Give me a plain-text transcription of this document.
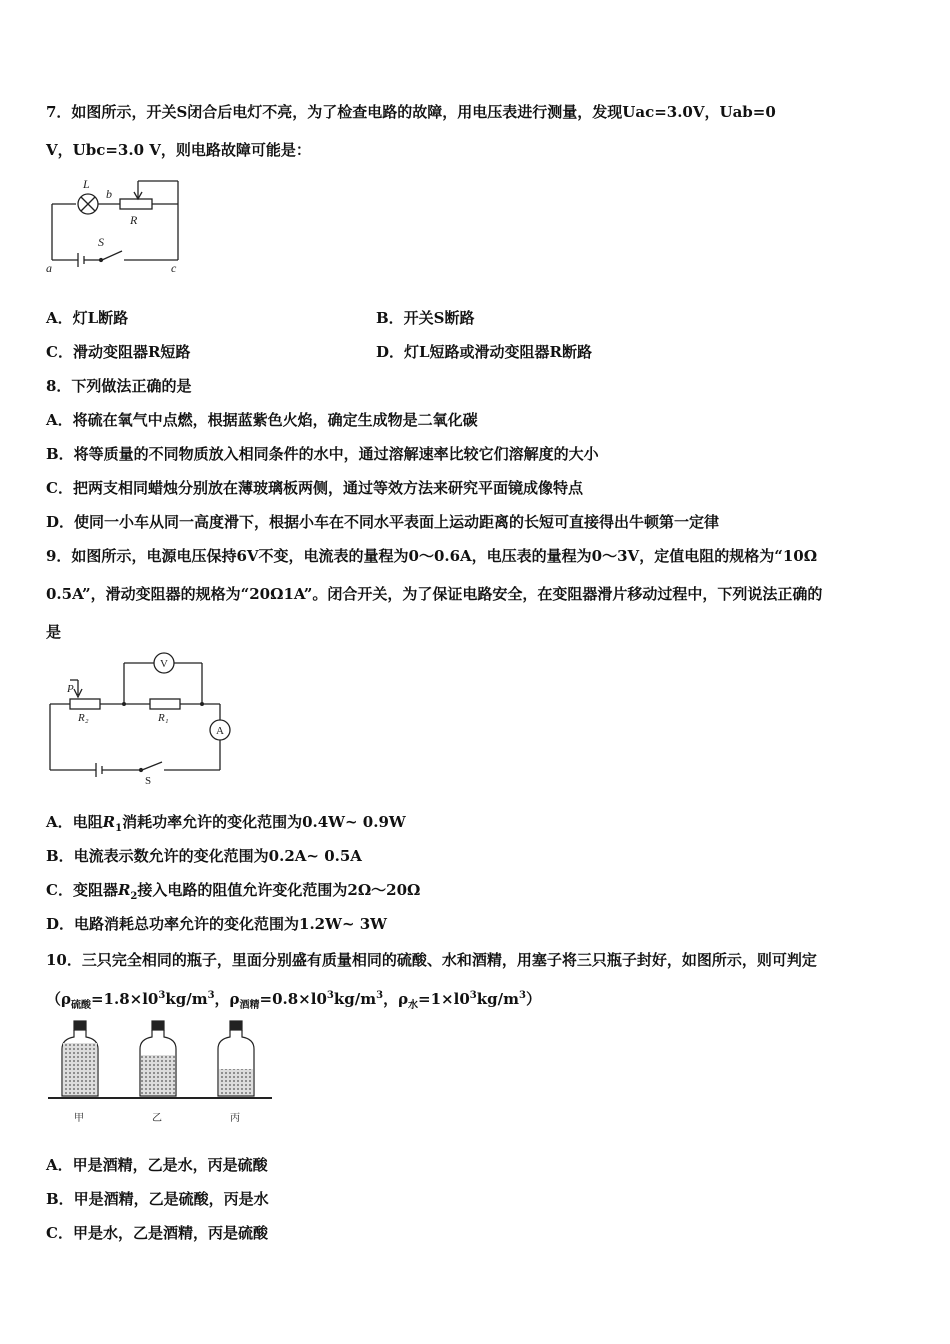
7．如图所示，开关S闭合后电灯不亮，为了检查电路的故障，用电压表进行测量，发现Uac=3.0V，Uab=0
V，Ubc=3.0 V，则电路故障可能是：
L
b
R
S
a	c
A．灯L断路	B．开关S断路
C．滑动变阻器R短路	D．灯L短路或滑动变阻器R断路
8．下列做法正确的是
A．将硫在氧气中点燃，根据蓝紫色火焰，确定生成物是二氧化碳
B．将等质量的不同物质放入相同条件的水中，通过溶解速率比较它们溶解度的大小
C．把两支相同蜡烛分别放在薄玻璃板两侧，通过等效方法来研究平面镜成像特点
D．使同一小车从同一高度滑下，根据小车在不同水平表面上运动距离的长短可直接得出牛顿第一定律
9．如图所示，电源电压保持6V不变，电流表的量程为0～0.6A，电压表的量程为0～3V，定值电阻的规格为“10Ω
0.5A”，滑动变阻器的规格为“20Ω1A”。闭合开关，为了保证电路安全，在变阻器滑片移动过程中，下列说法正确的
是
V
P
R₂	R₁
A
S
A．电阻$R_1$消耗功率允许的变化范围为0.4W~ 0.9W
B．电流表示数允许的变化范围为0.2A~ 0.5A
C．变阻器$R_2$接入电路的阻值允许变化范围为2Ω～20Ω
D．电路消耗总功率允许的变化范围为1.2W~ 3W
10．三只完全相同的瓶子，里面分别盛有质量相同的硫酸、水和酒精，用塞子将三只瓶子封好，如图所示，则可判定
（$\rho_{硫酸}=1.8\times l0^3kg/m^3$，$\rho_{酒精}=0.8\times l0^3kg/m^3$，$\rho_水=1\times l0^3kg/m^3$）
甲	乙	丙
A．甲是酒精，乙是水，丙是硫酸
B．甲是酒精，乙是硫酸，丙是水
C．甲是水，乙是酒精，丙是硫酸
